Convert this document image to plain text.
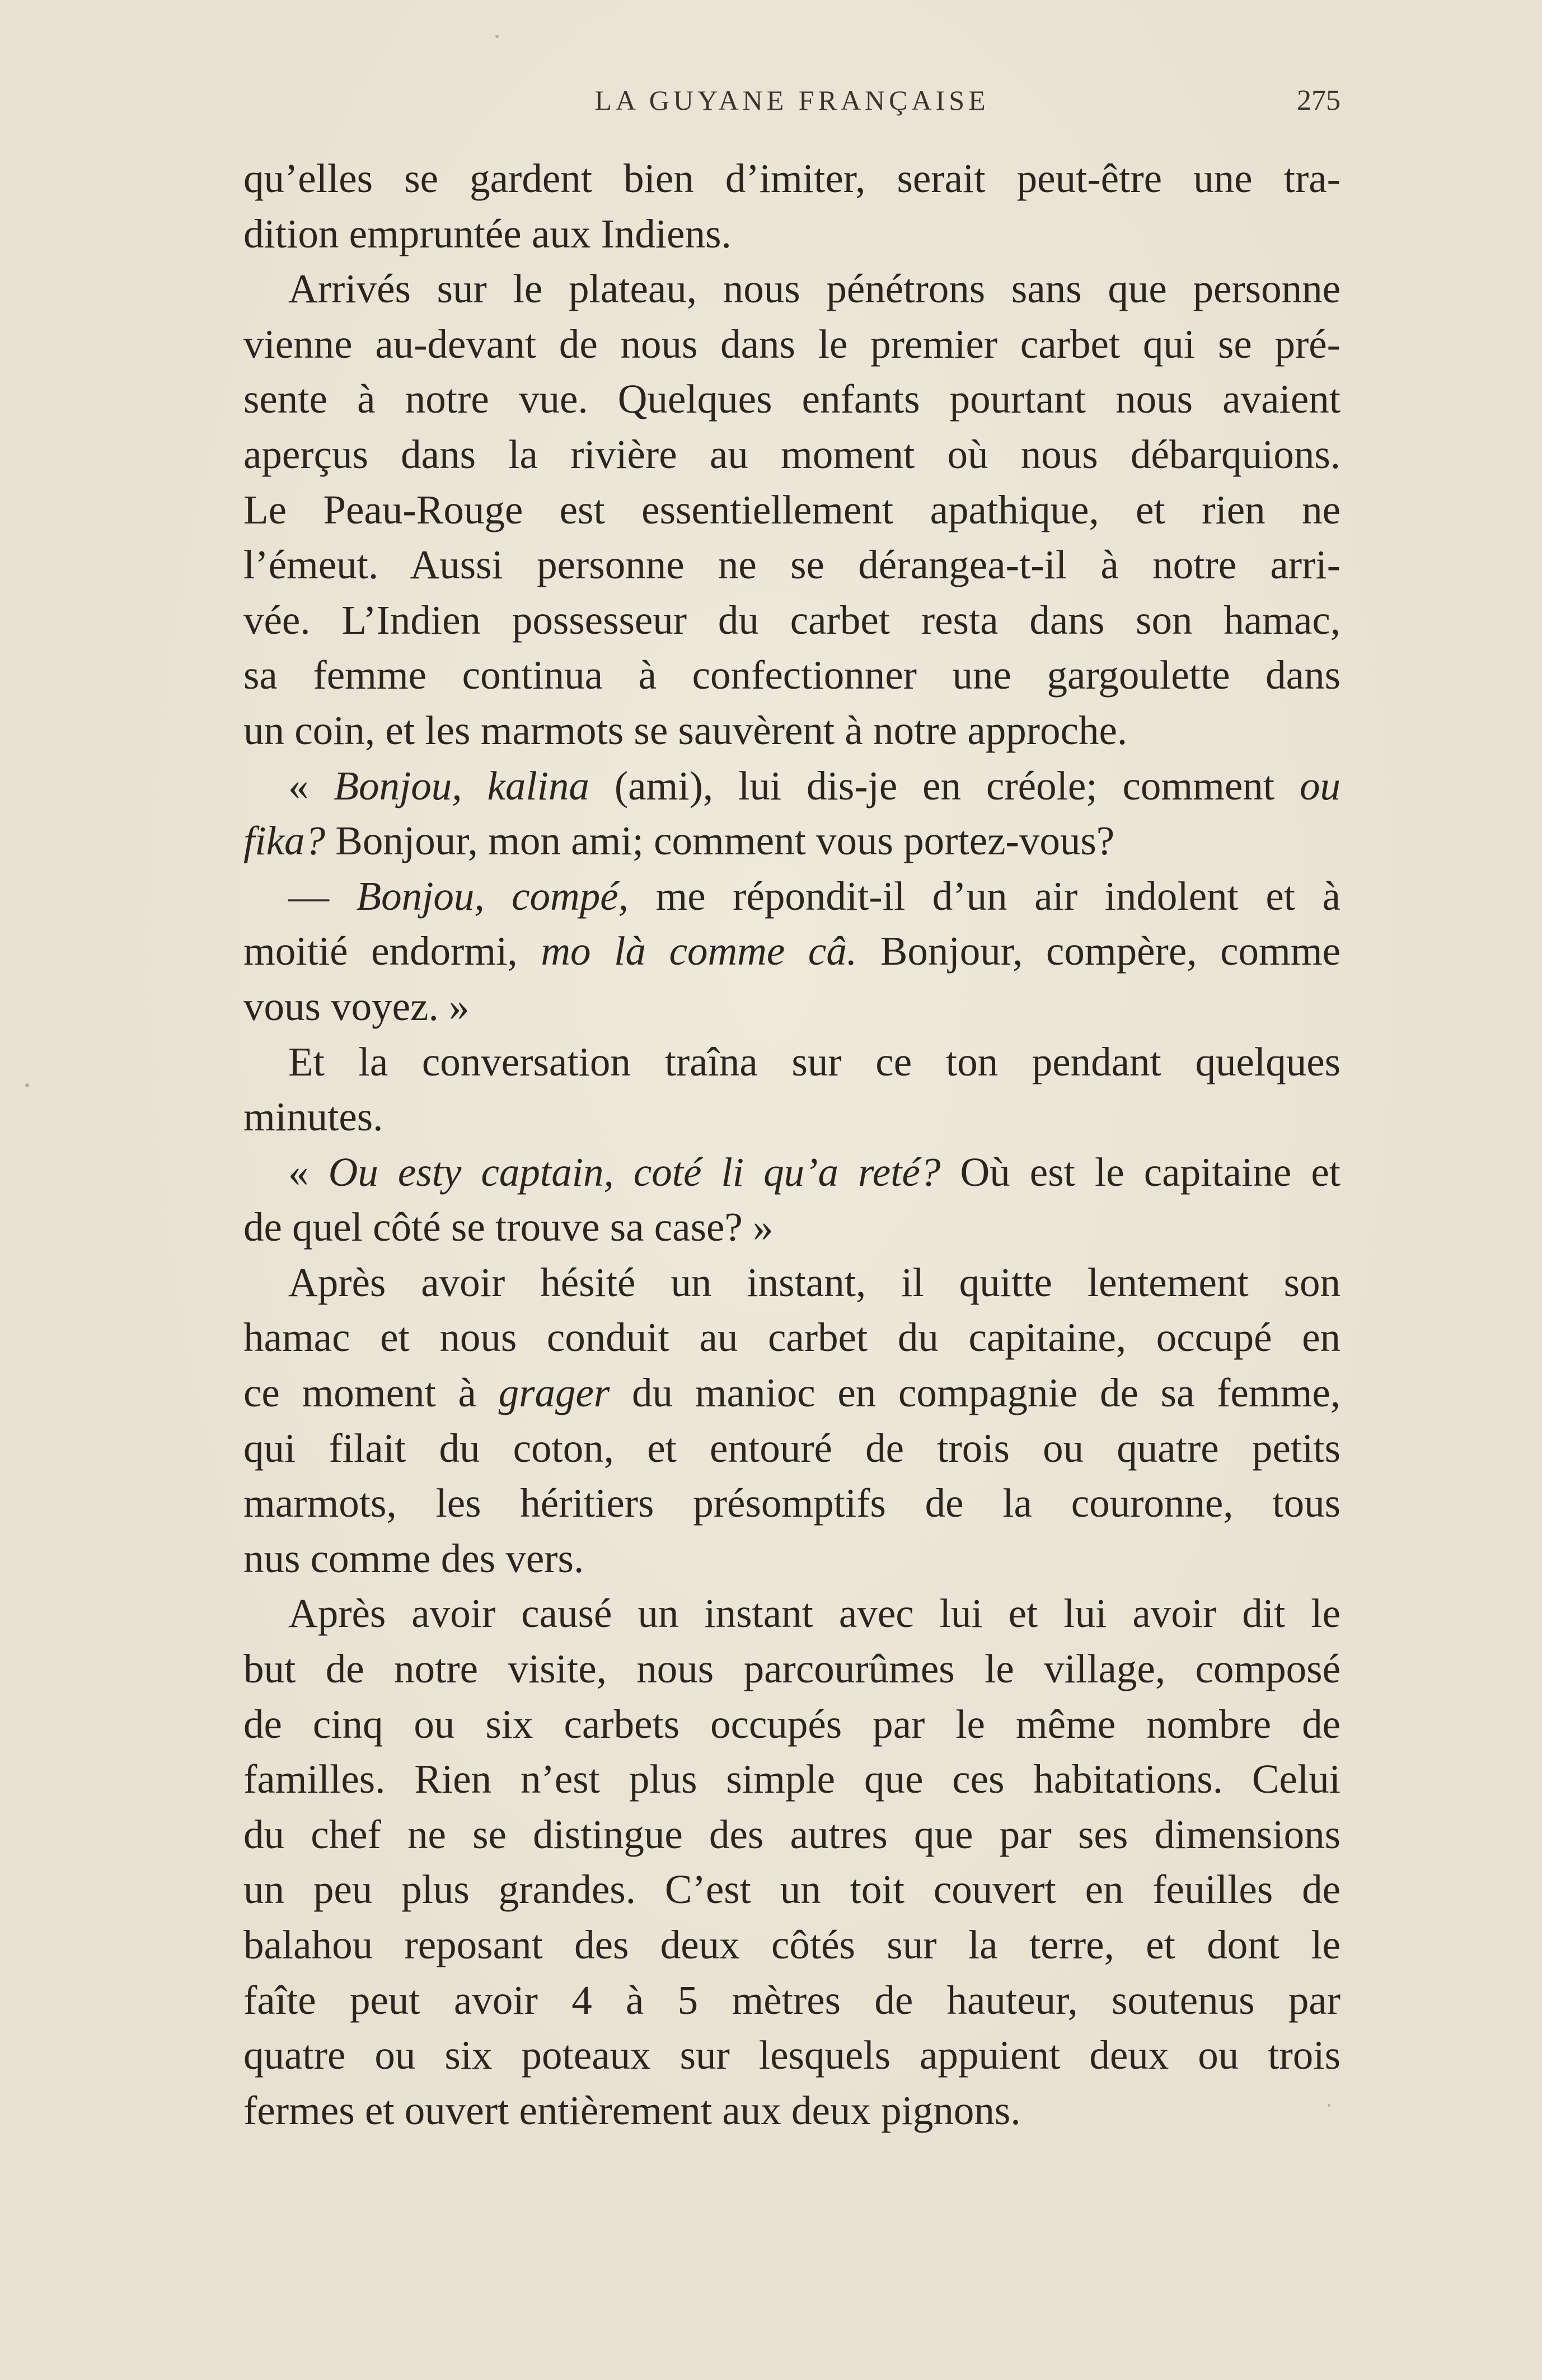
LA GUYANE FRANÇAISE	275
qu’elles se gardent bien d’imiter, serait peut-être une tra-
dition empruntée aux Indiens.
Arrivés sur le plateau, nous pénétrons sans que personne
vienne au-devant de nous dans le premier carbet qui se pré-
sente à notre vue. Quelques enfants pourtant nous avaient
aperçus dans la rivière au moment où nous débarquions.
Le Peau-Rouge est essentiellement apathique, et rien ne
l’émeut. Aussi personne ne se dérangea-t-il à notre arri-
vée. L’Indien possesseur du carbet resta dans son hamac,
sa femme continua à confectionner une gargoulette dans
un coin, et les marmots se sauvèrent à notre approche.
« Bonjou, kalina (ami), lui dis-je en créole; comment ou
fika? Bonjour, mon ami; comment vous portez-vous?
— Bonjou, compé, me répondit-il d’un air indolent et à
moitié endormi, mo là comme câ. Bonjour, compère, comme
vous voyez. »
Et la conversation traîna sur ce ton pendant quelques
minutes.
« Ou esty captain, coté li qu’a reté? Où est le capitaine et
de quel côté se trouve sa case? »
Après avoir hésité un instant, il quitte lentement son
hamac et nous conduit au carbet du capitaine, occupé en
ce moment à grager du manioc en compagnie de sa femme,
qui filait du coton, et entouré de trois ou quatre petits
marmots, les héritiers présomptifs de la couronne, tous
nus comme des vers.
Après avoir causé un instant avec lui et lui avoir dit le
but de notre visite, nous parcourûmes le village, composé
de cinq ou six carbets occupés par le même nombre de
familles. Rien n’est plus simple que ces habitations. Celui
du chef ne se distingue des autres que par ses dimensions
un peu plus grandes. C’est un toit couvert en feuilles de
balahou reposant des deux côtés sur la terre, et dont le
faîte peut avoir 4 à 5 mètres de hauteur, soutenus par
quatre ou six poteaux sur lesquels appuient deux ou trois
fermes et ouvert entièrement aux deux pignons.
